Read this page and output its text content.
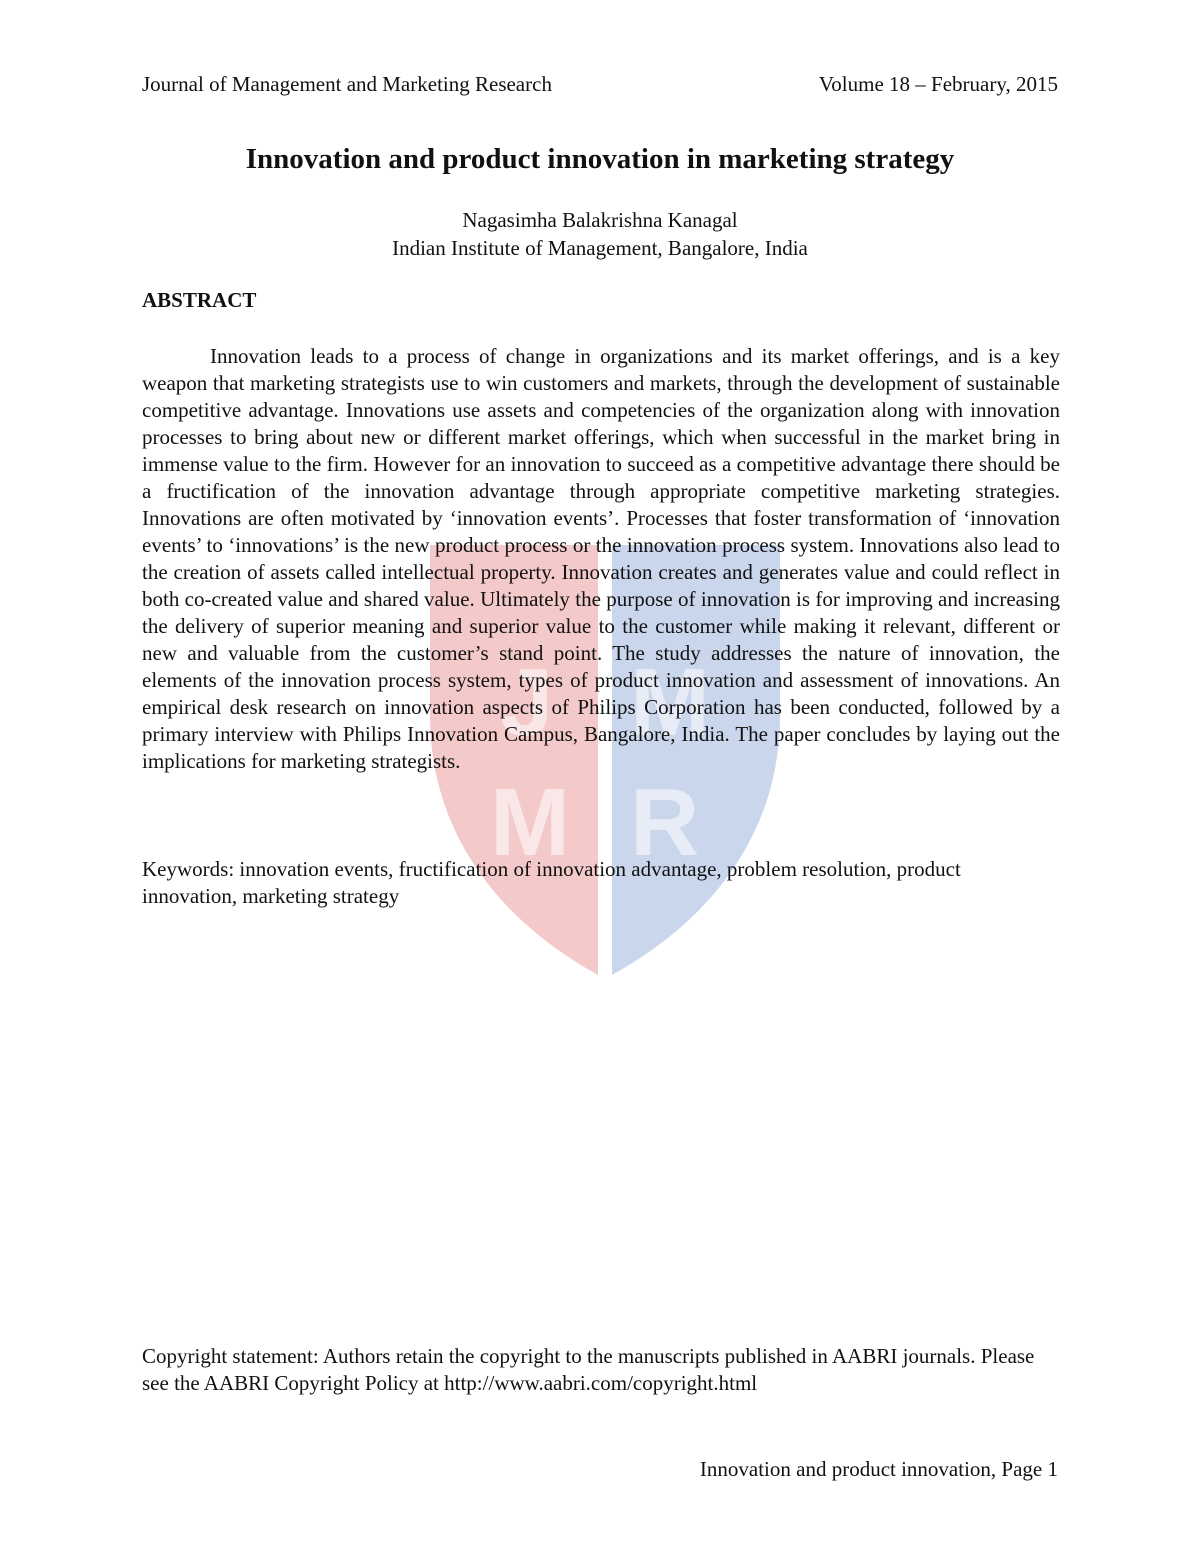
J M
M R
Journal of Management and Marketing Research	Volume 18 – February, 2015
Innovation and product innovation in marketing strategy
Nagasimha Balakrishna Kanagal
Indian Institute of Management, Bangalore, India
ABSTRACT
Innovation leads to a process of change in organizations and its market offerings, and is a key weapon that marketing strategists use to win customers and markets, through the development of sustainable competitive advantage. Innovations use assets and competencies of the organization along with innovation processes to bring about new or different market offerings, which when successful in the market bring in immense value to the firm. However for an innovation to succeed as a competitive advantage there should be a fructification of the innovation advantage through appropriate competitive marketing strategies. Innovations are often motivated by ‘innovation events’. Processes that foster transformation of ‘innovation events’ to ‘innovations’ is the new product process or the innovation process system. Innovations also lead to the creation of assets called intellectual property. Innovation creates and generates value and could reflect in both co-created value and shared value. Ultimately the purpose of innovation is for improving and increasing the delivery of superior meaning and superior value to the customer while making it relevant, different or new and valuable from the customer’s stand point. The study addresses the nature of innovation, the elements of the innovation process system, types of product innovation and assessment of innovations. An empirical desk research on innovation aspects of Philips Corporation has been conducted, followed by a primary interview with Philips Innovation Campus, Bangalore, India. The paper concludes by laying out the implications for marketing strategists.
Keywords: innovation events, fructification of innovation advantage, problem resolution, product innovation, marketing strategy
Copyright statement: Authors retain the copyright to the manuscripts published in AABRI journals. Please see the AABRI Copyright Policy at http://www.aabri.com/copyright.html
Innovation and product innovation, Page 1
